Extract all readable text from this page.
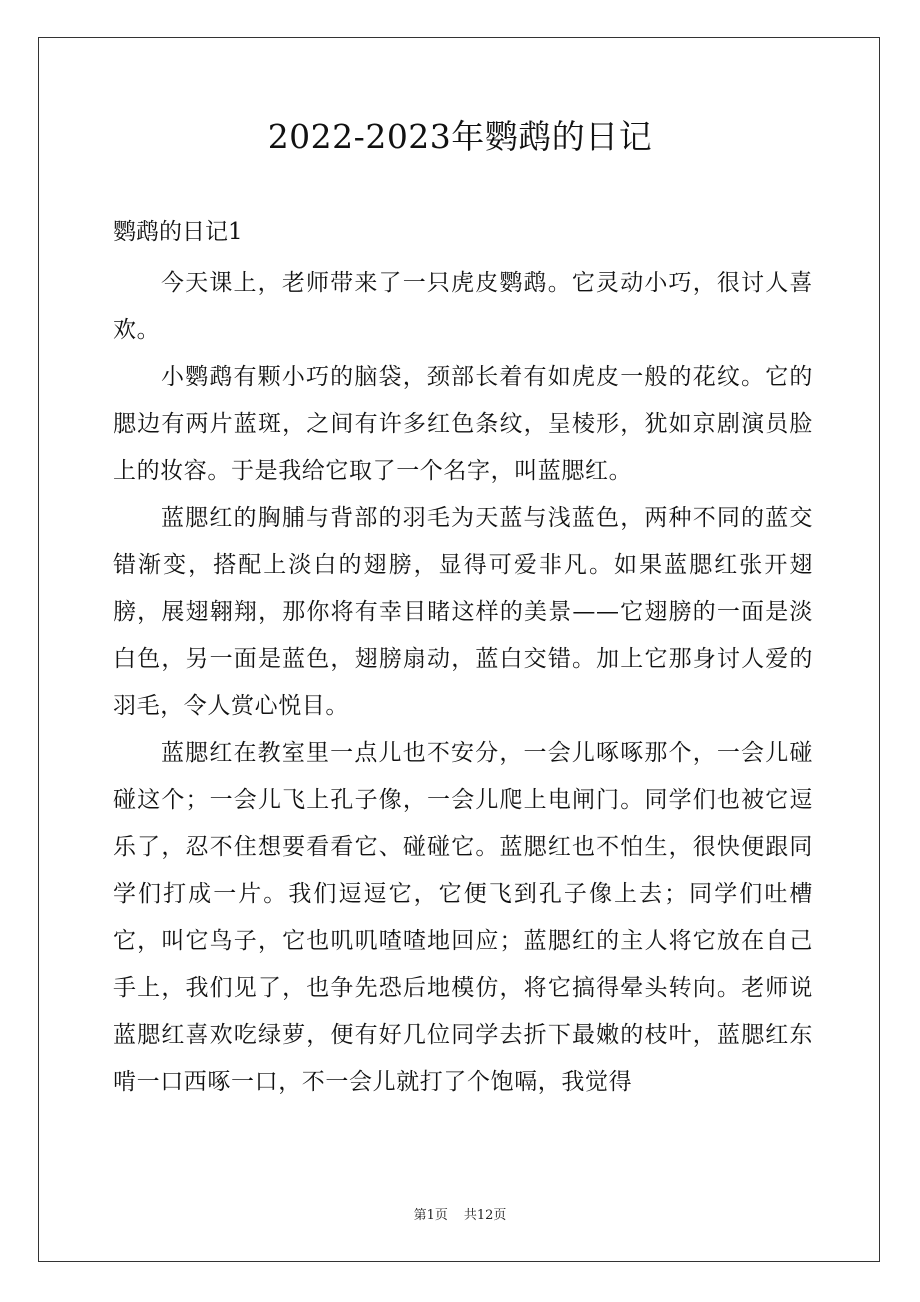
2022-2023年鹦鹉的日记

鹦鹉的日记1

今天课上，老师带来了一只虎皮鹦鹉。它灵动小巧，很讨人喜欢。

小鹦鹉有颗小巧的脑袋，颈部长着有如虎皮一般的花纹。它的腮边有两片蓝斑，之间有许多红色条纹，呈棱形，犹如京剧演员脸上的妆容。于是我给它取了一个名字，叫蓝腮红。

蓝腮红的胸脯与背部的羽毛为天蓝与浅蓝色，两种不同的蓝交错渐变，搭配上淡白的翅膀，显得可爱非凡。如果蓝腮红张开翅膀，展翅翱翔，那你将有幸目睹这样的美景——它翅膀的一面是淡白色，另一面是蓝色，翅膀扇动，蓝白交错。加上它那身讨人爱的羽毛，令人赏心悦目。

蓝腮红在教室里一点儿也不安分，一会儿啄啄那个，一会儿碰碰这个；一会儿飞上孔子像，一会儿爬上电闸门。同学们也被它逗乐了，忍不住想要看看它、碰碰它。蓝腮红也不怕生，很快便跟同学们打成一片。我们逗逗它，它便飞到孔子像上去；同学们吐槽它，叫它鸟子，它也叽叽喳喳地回应；蓝腮红的主人将它放在自己手上，我们见了，也争先恐后地模仿，将它搞得晕头转向。老师说蓝腮红喜欢吃绿萝，便有好几位同学去折下最嫩的枝叶，蓝腮红东啃一口西啄一口，不一会儿就打了个饱嗝，我觉得

第1页 共12页
